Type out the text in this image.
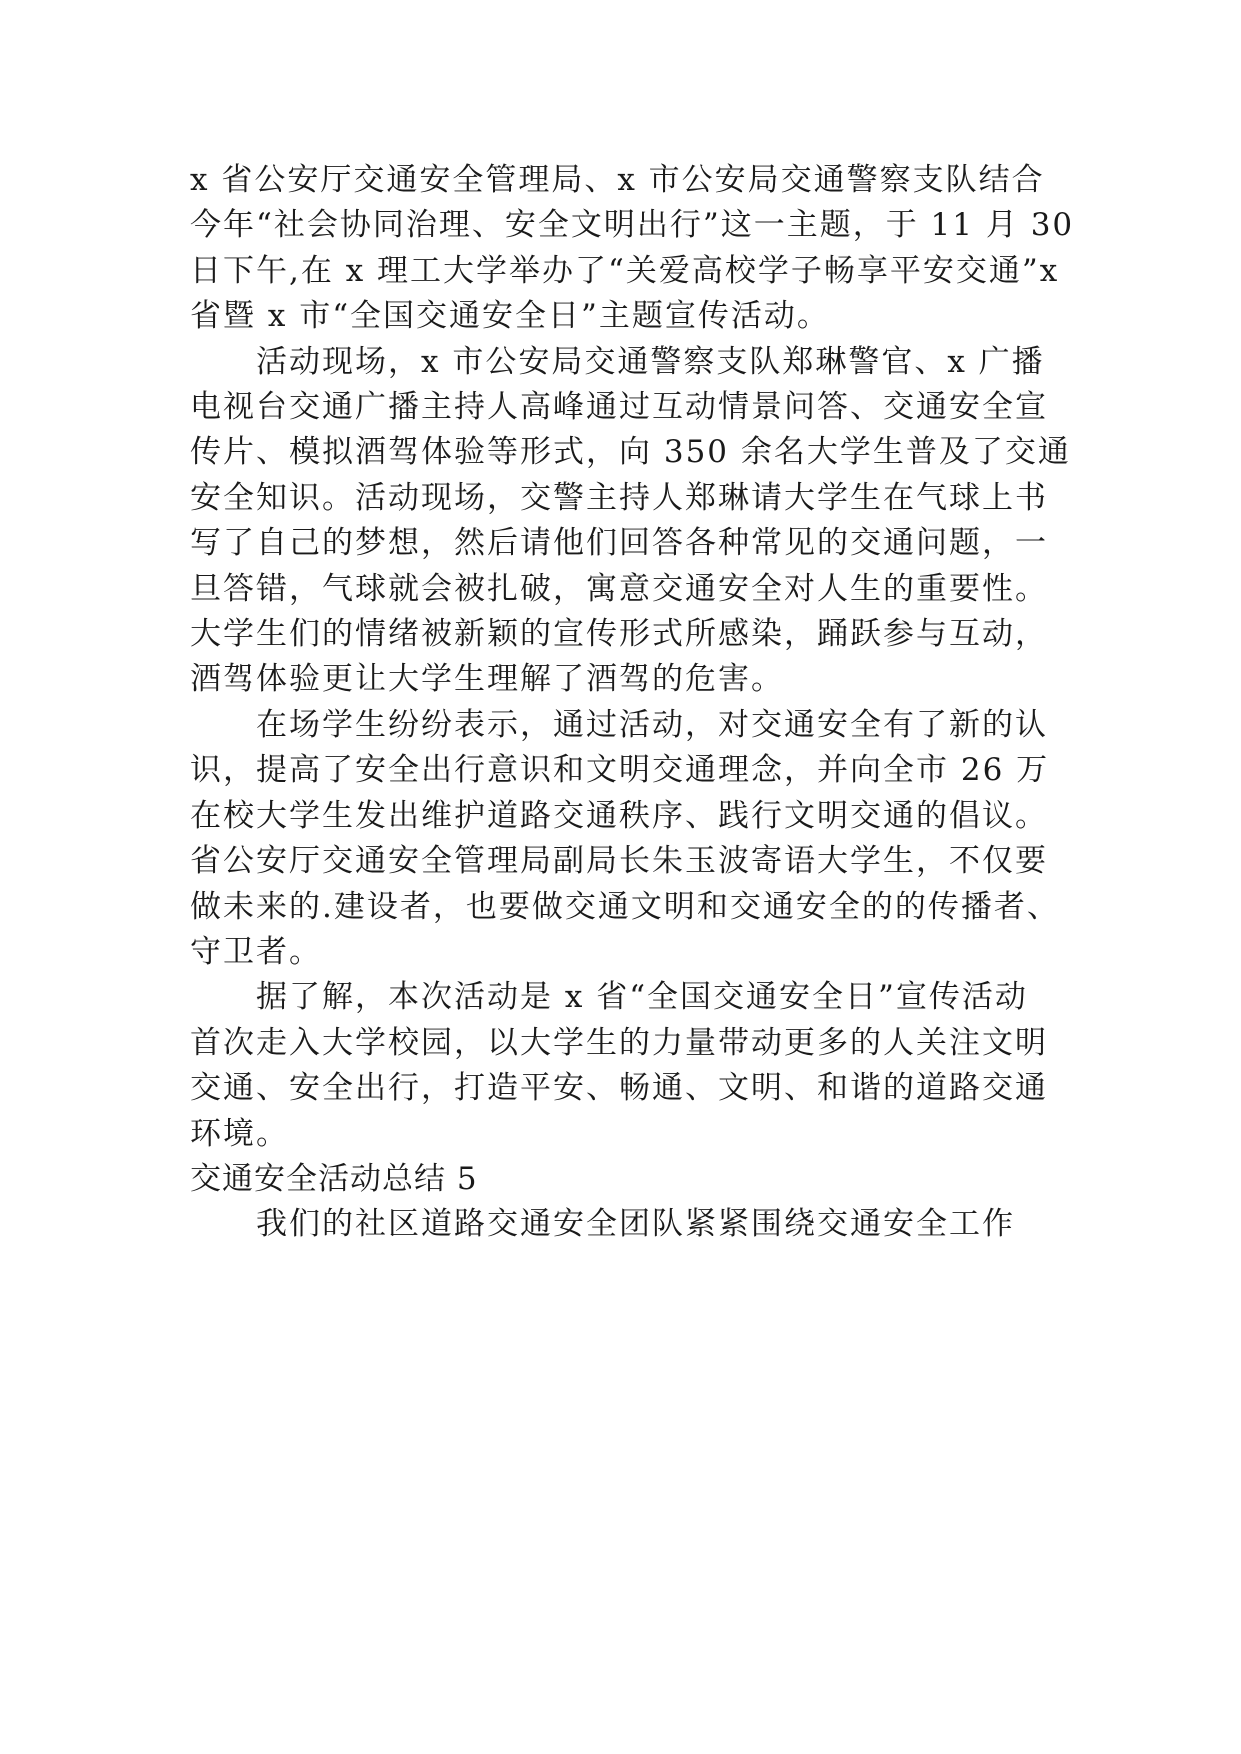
x 省公安厅交通安全管理局、x 市公安局交通警察支队结合
今年“社会协同治理、安全文明出行”这一主题，于 11 月 30
日下午,在 x 理工大学举办了“关爱高校学子畅享平安交通”x
省暨 x 市“全国交通安全日”主题宣传活动。

活动现场，x 市公安局交通警察支队郑琳警官、x 广播
电视台交通广播主持人高峰通过互动情景问答、交通安全宣
传片、模拟酒驾体验等形式，向 350 余名大学生普及了交通
安全知识。活动现场，交警主持人郑琳请大学生在气球上书
写了自己的梦想，然后请他们回答各种常见的交通问题，一
旦答错，气球就会被扎破，寓意交通安全对人生的重要性。
大学生们的情绪被新颖的宣传形式所感染，踊跃参与互动，
酒驾体验更让大学生理解了酒驾的危害。

在场学生纷纷表示，通过活动，对交通安全有了新的认
识，提高了安全出行意识和文明交通理念，并向全市 26 万
在校大学生发出维护道路交通秩序、践行文明交通的倡议。
省公安厅交通安全管理局副局长朱玉波寄语大学生，不仅要
做未来的.建设者，也要做交通文明和交通安全的的传播者、
守卫者。

据了解，本次活动是 x 省“全国交通安全日”宣传活动
首次走入大学校园，以大学生的力量带动更多的人关注文明
交通、安全出行，打造平安、畅通、文明、和谐的道路交通
环境。

交通安全活动总结 5

我们的社区道路交通安全团队紧紧围绕交通安全工作
